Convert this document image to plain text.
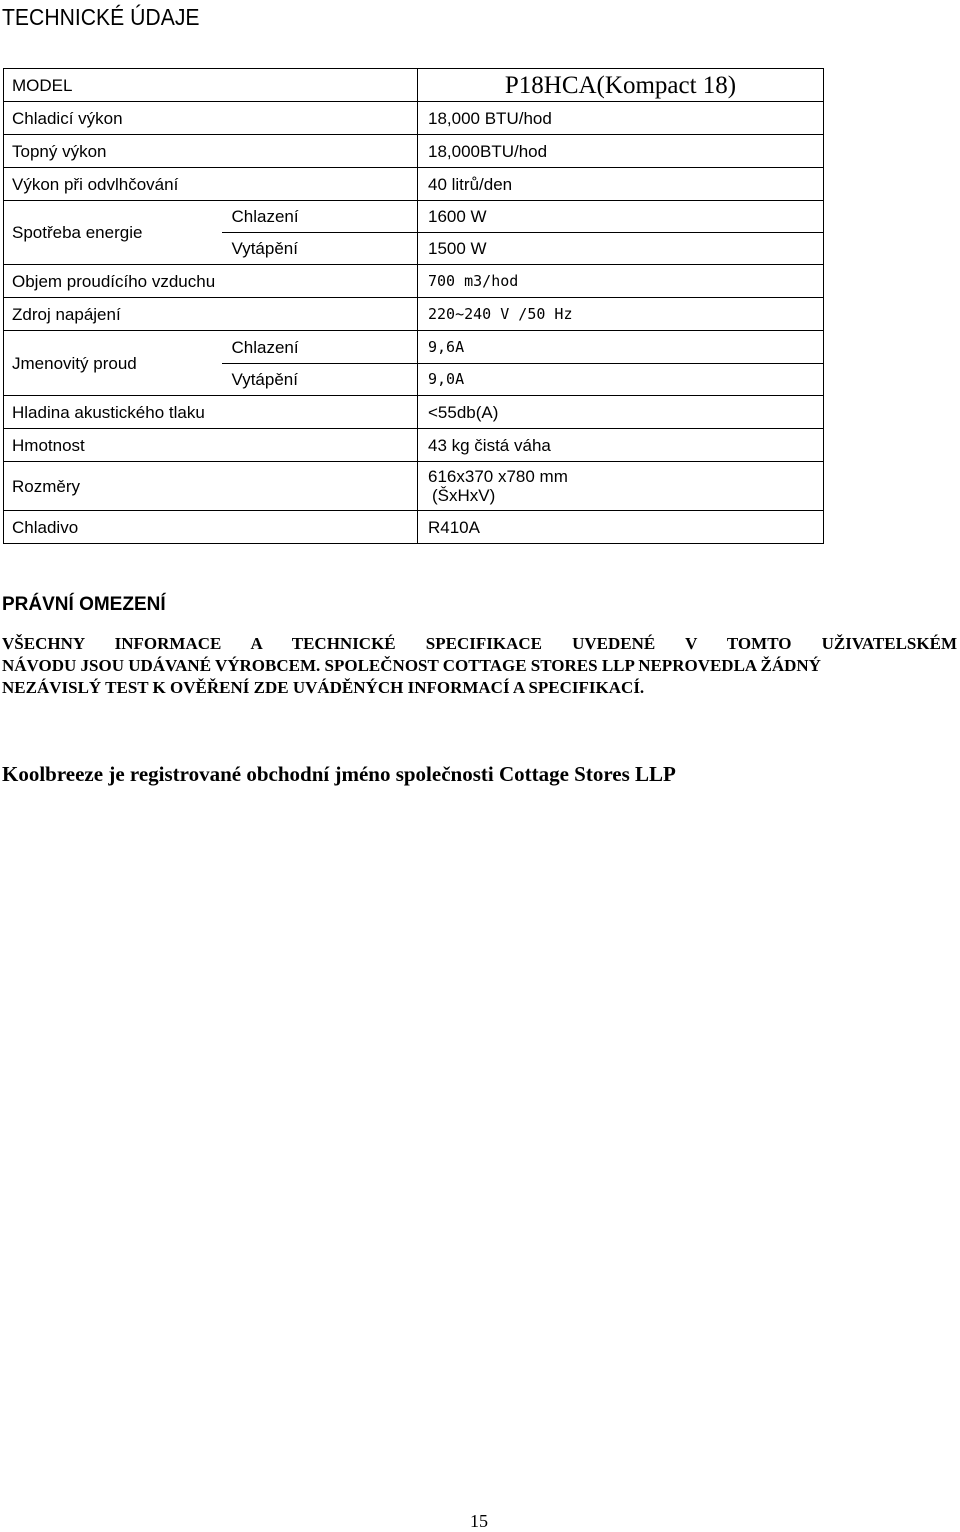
TECHNICKÉ ÚDAJE
MODEL		P18HCA(Kompact 18)
Chladicí výkon		18,000 BTU/hod
Topný výkon		18,000BTU/hod
Výkon při odvlhčování		40 litrů/den
Spotřeba energie	Chlazení	1600 W
	Vytápění	1500 W
Objem proudícího vzduchu		700 m3/hod
Zdroj napájení		220~240 V /50 Hz
Jmenovitý proud	Chlazení	9,6A
	Vytápění	9,0A
Hladina akustického tlaku		<55db(A)
Hmotnost		43 kg čistá váha
Rozměry		616x370 x780 mm
(ŠxHxV)

Chladivo		R410A
PRÁVNÍ OMEZENÍ
VŠECHNY INFORMACE A TECHNICKÉ SPECIFIKACE UVEDENÉ V TOMTO UŽIVATELSKÉM
NÁVODU JSOU UDÁVANÉ VÝROBCEM. SPOLEČNOST COTTAGE STORES LLP NEPROVEDLA ŽÁDNÝ
NEZÁVISLÝ TEST K OVĚŘENÍ ZDE UVÁDĚNÝCH INFORMACÍ A SPECIFIKACÍ.
Koolbreeze je registrované obchodní jméno společnosti Cottage Stores LLP
15
